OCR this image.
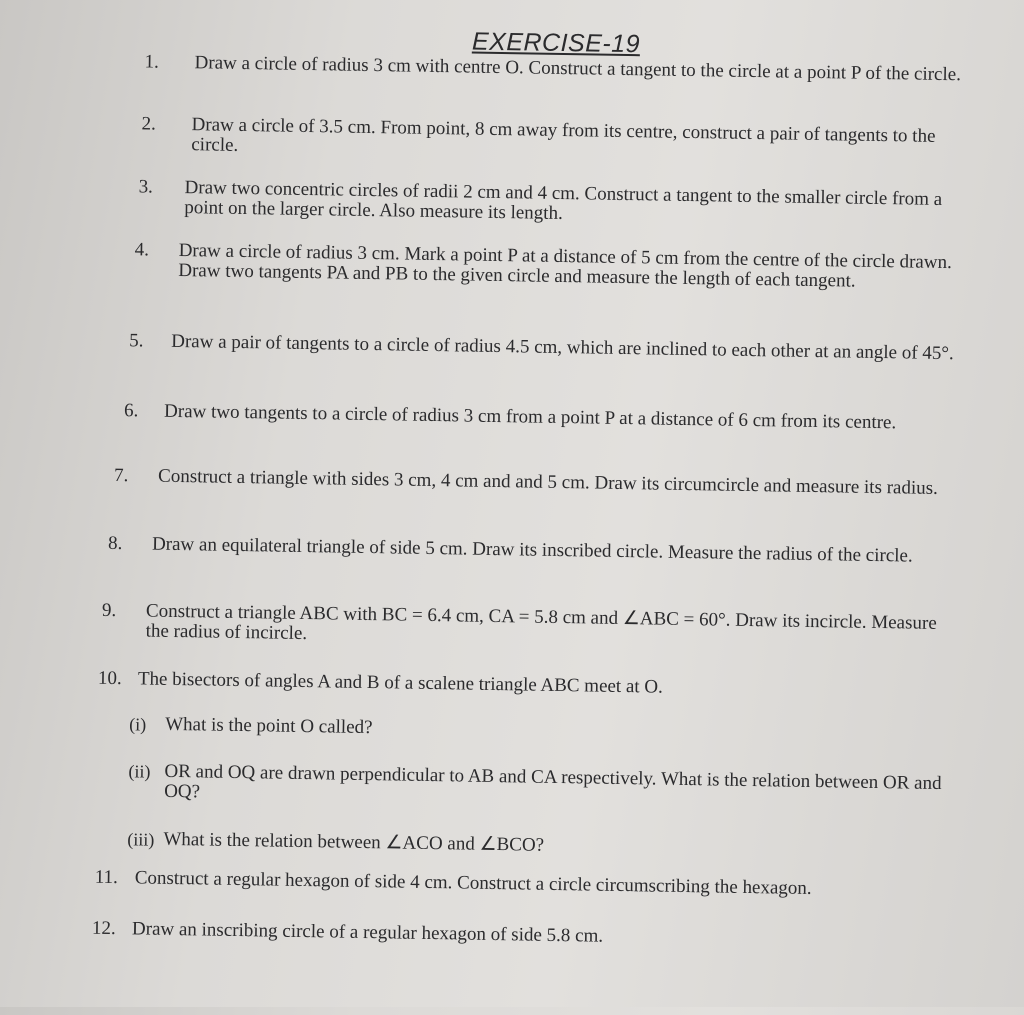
EXERCISE-19
1. Draw a circle of radius 3 cm with centre O. Construct a tangent to the circle at a point P of the circle.
2. Draw a circle of 3.5 cm. From point, 8 cm away from its centre, construct a pair of tangents to the circle.
3. Draw two concentric circles of radii 2 cm and 4 cm. Construct a tangent to the smaller circle from a point on the larger circle. Also measure its length.
4. Draw a circle of radius 3 cm. Mark a point P at a distance of 5 cm from the centre of the circle drawn. Draw two tangents PA and PB to the given circle and measure the length of each tangent.
5. Draw a pair of tangents to a circle of radius 4.5 cm, which are inclined to each other at an angle of 45°.
6. Draw two tangents to a circle of radius 3 cm from a point P at a distance of 6 cm from its centre.
7. Construct a triangle with sides 3 cm, 4 cm and and 5 cm. Draw its circumcircle and measure its radius.
8. Draw an equilateral triangle of side 5 cm. Draw its inscribed circle. Measure the radius of the circle.
9. Construct a triangle ABC with BC = 6.4 cm, CA = 5.8 cm and ∠ABC = 60°. Draw its incircle. Measure the radius of incircle.
10. The bisectors of angles A and B of a scalene triangle ABC meet at O.
(i) What is the point O called?
(ii) OR and OQ are drawn perpendicular to AB and CA respectively. What is the relation between OR and OQ?
(iii) What is the relation between ∠ACO and ∠BCO?
11. Construct a regular hexagon of side 4 cm. Construct a circle circumscribing the hexagon.
12. Draw an inscribing circle of a regular hexagon of side 5.8 cm.
